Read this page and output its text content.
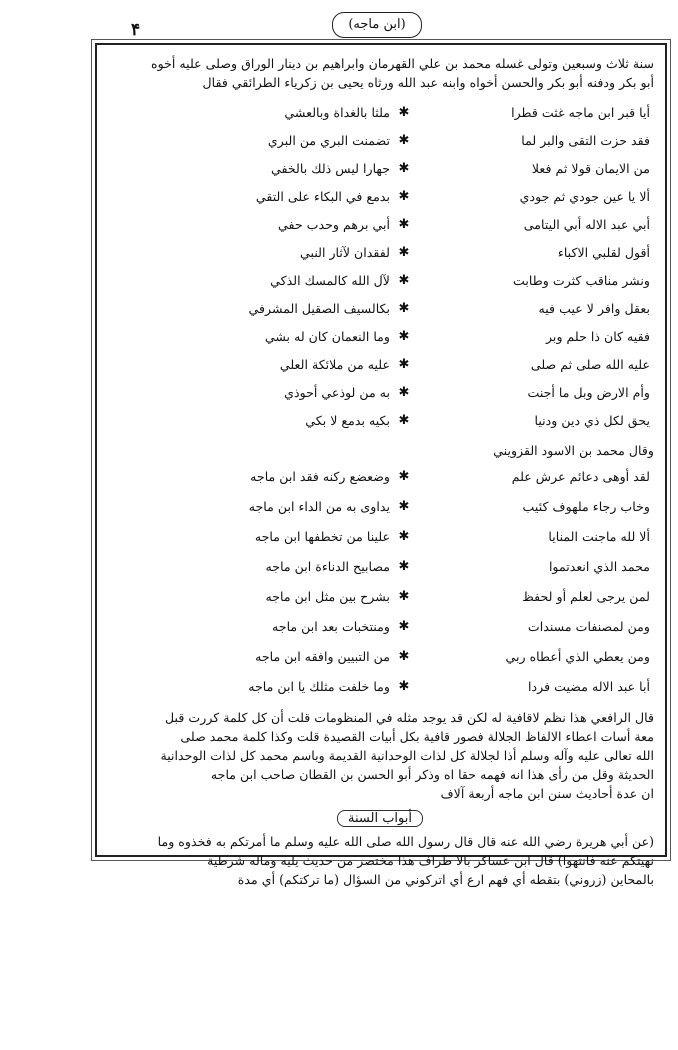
۴	(ابن ماجه)

سنة ثلاث وسبعين وتولى غسله محمد بن علي القهرمان وابراهيم بن دينار الوراق وصلى عليه أخوه

أبو بكر ودفنه أبو بكر والحسن أخواه وابنه عبد الله ورثاه يحيى بن زكرياء الطرائقي فقال

أيا قبر ابن ماجه غثت قطرا
✱
ملثا بالغداة وبالعشي
فقد حزت التقى والبر لما
✱
تضمنت البري من البري
من الايمان قولا ثم فعلا
✱
جهارا ليس ذلك بالخفي
ألا يا عين جودي ثم جودي
✱
بدمع في البكاء على التقي
أبي عبد الاله أبي اليتامى
✱
أبي برهم وحدب حفي
أقول لقلبي الاكباء
✱
لفقدان لآثار النبي
ونشر مناقب كثرت وطابت
✱
لآل الله كالمسك الذكي
بعقل وافر لا عيب فيه
✱
بكالسيف الصقيل المشرفي
فقيه كان ذا حلم وبر
✱
وما النعمان كان له بشي
عليه الله صلى ثم صلى
✱
عليه من ملائكة العلي
وأم الارض وبل ما أجنت
✱
به من لوذعي أحوذي
يحق لكل ذي دين ودنيا
✱
بكيه بدمع لا بكي
وقال محمد بن الاسود القزويني
لقد أوهى دعائم عرش علم
✱
وضعضع ركنه فقد ابن ماجه
وخاب رجاء ملهوف كئيب
✱
يداوى به من الداء ابن ماجه
ألا لله ماجنت المنايا
✱
علينا من تخطفها ابن ماجه
محمد الذي انعدتموا
✱
مصابيح الدناءة ابن ماجه
لمن يرجى لعلم أو لحفظ
✱
بشرح بين مثل ابن ماجه
ومن لمصنفات مسندات
✱
ومنتخبات بعد ابن ماجه
ومن يعطي الذي أعطاه ربي
✱
من التبيين وافقه ابن ماجه
أبا عبد الاله مضيت فردا
✱
وما خلفت مثلك يا ابن ماجه

قال الرافعي هذا نظم لاقافية له لكن قد يوجد مثله في المنظومات قلت أن كل كلمة كررت قبل

معة أسات اعطاء الالفاظ الجلالة فصور قافية بكل أبيات القصيدة قلت وكذا كلمة محمد صلى

الله تعالى عليه وآله وسلم أذا لجلالة كل لذات الوحدانية القديمة وباسم محمد كل لذات الوحدانية

الحديثة وقل من رأى هذا انه فهمه حقا اه وذكر أبو الحسن بن القطان صاحب ابن ماجه

ان عدة أحاديث سنن ابن ماجه أربعة آلاف

أبواب السنة

(عن أبي هريرة رضي الله عنه قال قال رسول الله صلى الله عليه وسلم ما أمرتكم به فخذوه وما

نهيتكم عنه فانتهوا) قال ابن عساكر بالا طراف هذا مختصر من حديث يليه وماله شرطية

بالمحاين (زروني) بتقطه أي فهم ارع أي اتركوني من السؤال (ما تركتكم) أي مدة
